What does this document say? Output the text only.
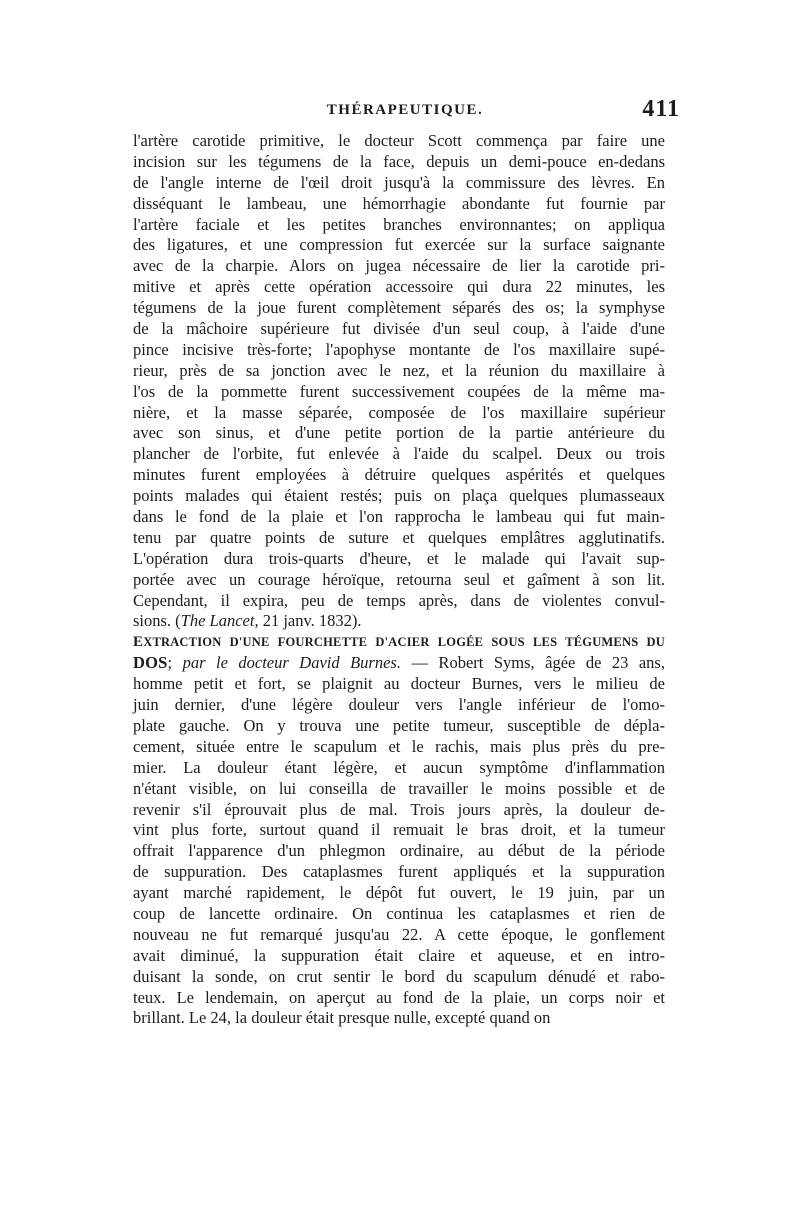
THÉRAPEUTIQUE.	411
l'artère carotide primitive, le docteur Scott commença par faire une
incision sur les tégumens de la face, depuis un demi-pouce en-dedans
de l'angle interne de l'œil droit jusqu'à la commissure des lèvres. En
disséquant le lambeau, une hémorrhagie abondante fut fournie par
l'artère faciale et les petites branches environnantes; on appliqua
des ligatures, et une compression fut exercée sur la surface saignante
avec de la charpie. Alors on jugea nécessaire de lier la carotide pri-
mitive et après cette opération accessoire qui dura 22 minutes, les
tégumens de la joue furent complètement séparés des os; la symphyse
de la mâchoire supérieure fut divisée d'un seul coup, à l'aide d'une
pince incisive très-forte; l'apophyse montante de l'os maxillaire supé-
rieur, près de sa jonction avec le nez, et la réunion du maxillaire à
l'os de la pommette furent successivement coupées de la même ma-
nière, et la masse séparée, composée de l'os maxillaire supérieur
avec son sinus, et d'une petite portion de la partie antérieure du
plancher de l'orbite, fut enlevée à l'aide du scalpel. Deux ou trois
minutes furent employées à détruire quelques aspérités et quelques
points malades qui étaient restés; puis on plaça quelques plumasseaux
dans le fond de la plaie et l'on rapprocha le lambeau qui fut main-
tenu par quatre points de suture et quelques emplâtres agglutinatifs.
L'opération dura trois-quarts d'heure, et le malade qui l'avait sup-
portée avec un courage héroïque, retourna seul et gaîment à son lit.
Cependant, il expira, peu de temps après, dans de violentes convul-
sions. (The Lancet, 21 janv. 1832).
EXTRACTION D'UNE FOURCHETTE D'ACIER LOGÉE SOUS LES TÉGUMENS DU
DOS; par le docteur David Burnes. — Robert Syms, âgée de 23 ans,
homme petit et fort, se plaignit au docteur Burnes, vers le milieu de
juin dernier, d'une légère douleur vers l'angle inférieur de l'omo-
plate gauche. On y trouva une petite tumeur, susceptible de dépla-
cement, située entre le scapulum et le rachis, mais plus près du pre-
mier. La douleur étant légère, et aucun symptôme d'inflammation
n'étant visible, on lui conseilla de travailler le moins possible et de
revenir s'il éprouvait plus de mal. Trois jours après, la douleur de-
vint plus forte, surtout quand il remuait le bras droit, et la tumeur
offrait l'apparence d'un phlegmon ordinaire, au début de la période
de suppuration. Des cataplasmes furent appliqués et la suppuration
ayant marché rapidement, le dépôt fut ouvert, le 19 juin, par un
coup de lancette ordinaire. On continua les cataplasmes et rien de
nouveau ne fut remarqué jusqu'au 22. A cette époque, le gonflement
avait diminué, la suppuration était claire et aqueuse, et en intro-
duisant la sonde, on crut sentir le bord du scapulum dénudé et rabo-
teux. Le lendemain, on aperçut au fond de la plaie, un corps noir et
brillant. Le 24, la douleur était presque nulle, excepté quand on
